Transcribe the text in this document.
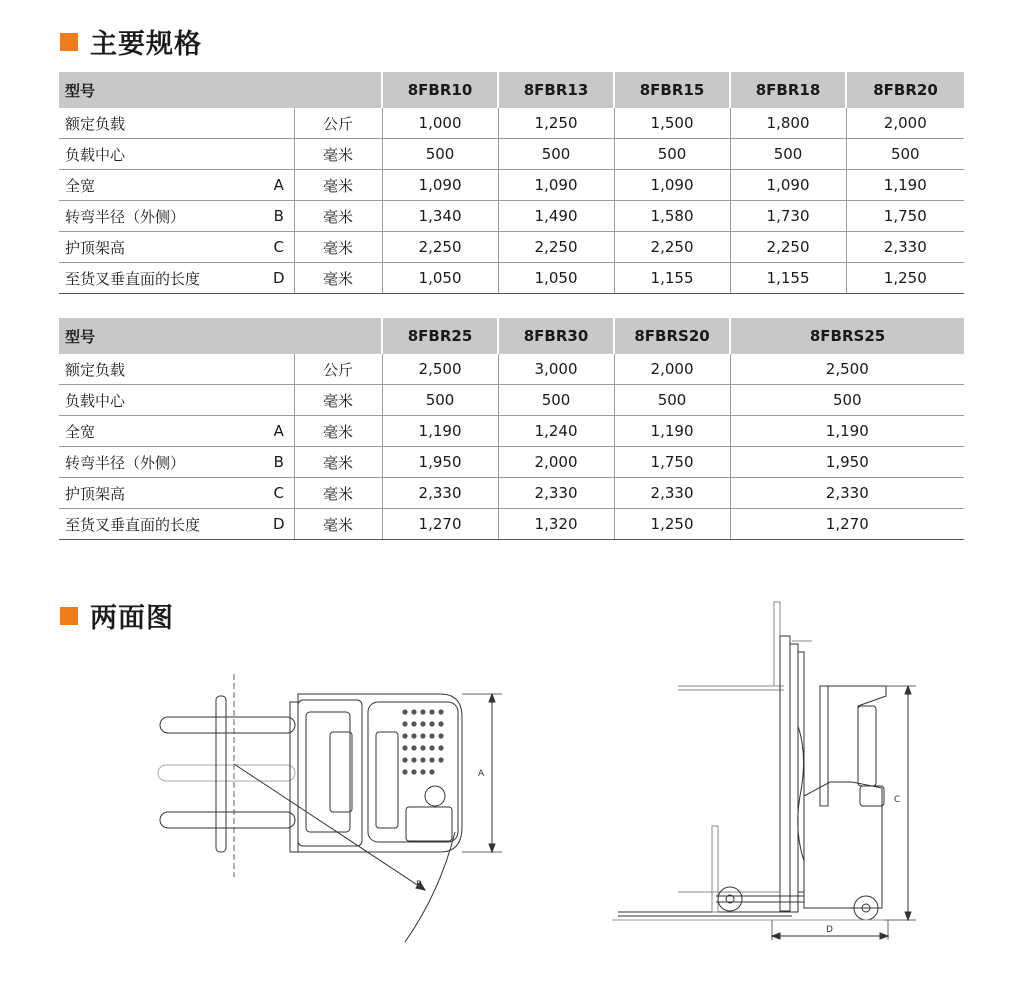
主要规格
型号			8FBR10	8FBR13	8FBR15	8FBR18	8FBR20
额定负载		公斤	1,000	1,250	1,500	1,800	2,000
负载中心		毫米	500	500	500	500	500
全宽	A	毫米	1,090	1,090	1,090	1,090	1,190
转弯半径（外侧）	B	毫米	1,340	1,490	1,580	1,730	1,750
护顶架高	C	毫米	2,250	2,250	2,250	2,250	2,330
至货叉垂直面的长度	D	毫米	1,050	1,050	1,155	1,155	1,250
型号			8FBR25	8FBR30	8FBRS20	8FBRS25
额定负载		公斤	2,500	3,000	2,000	2,500
负载中心		毫米	500	500	500	500
全宽	A	毫米	1,190	1,240	1,190	1,190
转弯半径（外侧）	B	毫米	1,950	2,000	1,750	1,950
护顶架高	C	毫米	2,330	2,330	2,330	2,330
至货叉垂直面的长度	D	毫米	1,270	1,320	1,250	1,270
两面图
A
B
C
D
